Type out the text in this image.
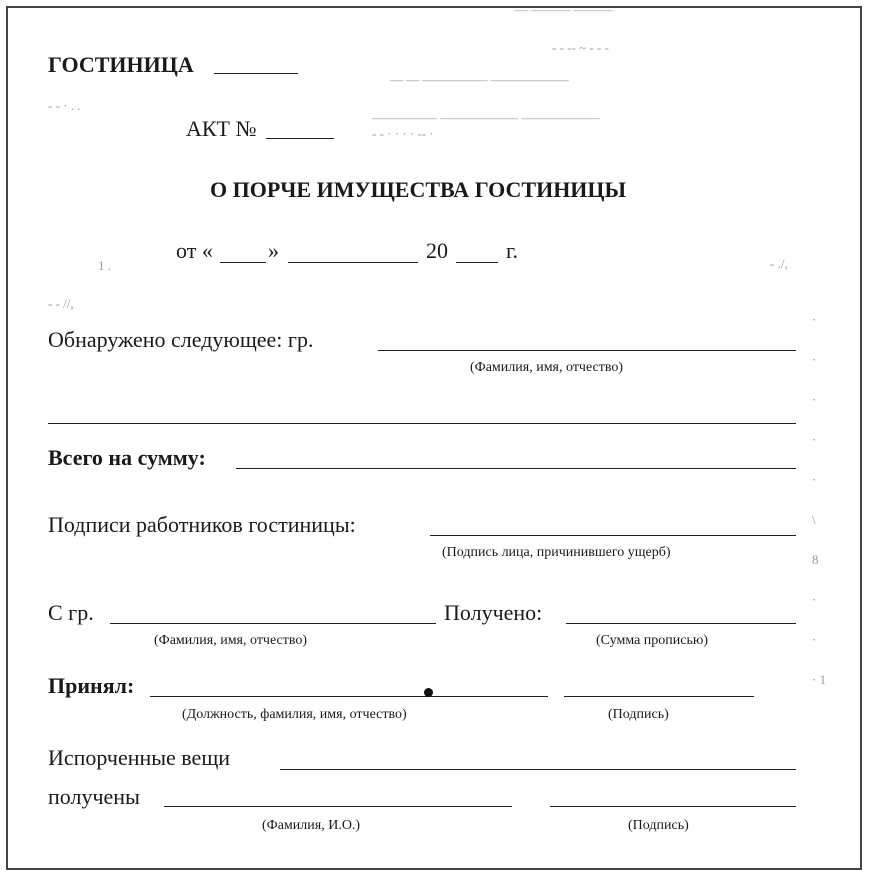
— ——— ———
- - -- ~ - - -
— — ————— ——————
- - · . .
————— —————— ——————
- - · · · · -- ·
1 .	- ./,
- - //,
·
·
·
·
·
\
8
·
·
· 1
ГОСТИНИЦА
АКТ №
О ПОРЧЕ ИМУЩЕСТВА ГОСТИНИЦЫ
от «	»	20	г.
Обнаружено следующее: гр.
(Фамилия, имя, отчество)
Всего на сумму:
Подписи работников гостиницы:
(Подпись лица, причинившего ущерб)
С гр.
(Фамилия, имя, отчество)
Получено:
(Сумма прописью)
Принял:
(Должность, фамилия, имя, отчество)	(Подпись)
Испорченные вещи
получены
(Фамилия, И.О.)	(Подпись)
